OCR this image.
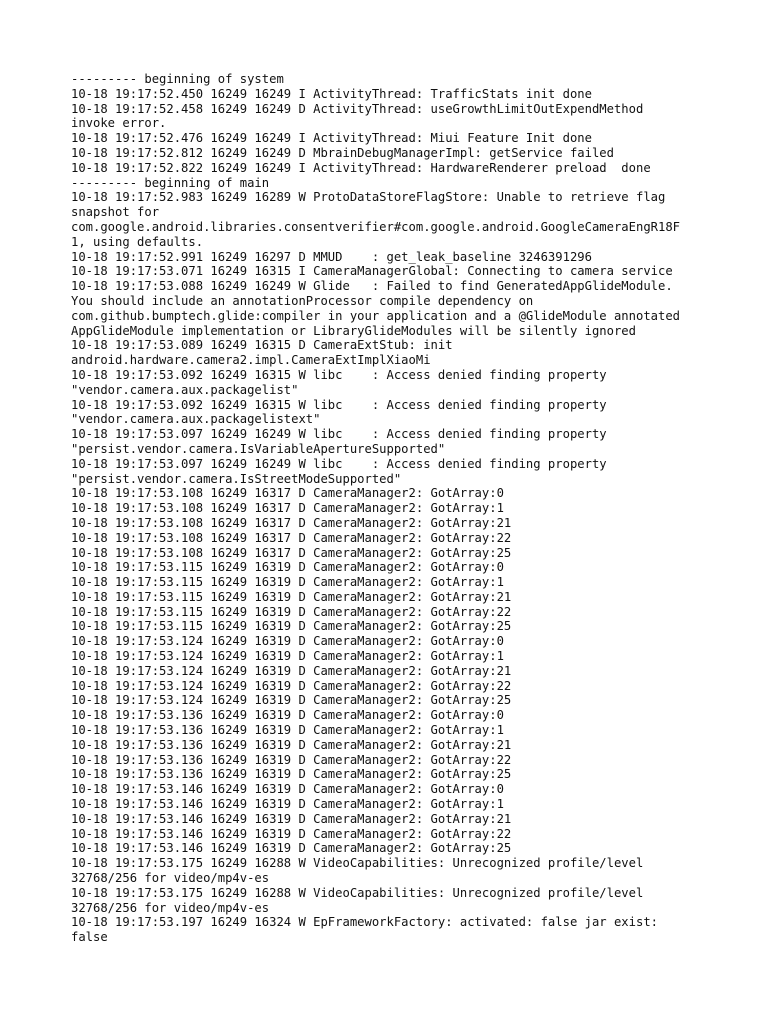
--------- beginning of system
10-18 19:17:52.450 16249 16249 I ActivityThread: TrafficStats init done
10-18 19:17:52.458 16249 16249 D ActivityThread: useGrowthLimitOutExpendMethod
invoke error.
10-18 19:17:52.476 16249 16249 I ActivityThread: Miui Feature Init done
10-18 19:17:52.812 16249 16249 D MbrainDebugManagerImpl: getService failed
10-18 19:17:52.822 16249 16249 I ActivityThread: HardwareRenderer preload  done
--------- beginning of main
10-18 19:17:52.983 16249 16289 W ProtoDataStoreFlagStore: Unable to retrieve flag
snapshot for
com.google.android.libraries.consentverifier#com.google.android.GoogleCameraEngR18F
1, using defaults.
10-18 19:17:52.991 16249 16297 D MMUD    : get_leak_baseline 3246391296
10-18 19:17:53.071 16249 16315 I CameraManagerGlobal: Connecting to camera service
10-18 19:17:53.088 16249 16249 W Glide   : Failed to find GeneratedAppGlideModule.
You should include an annotationProcessor compile dependency on
com.github.bumptech.glide:compiler in your application and a @GlideModule annotated
AppGlideModule implementation or LibraryGlideModules will be silently ignored
10-18 19:17:53.089 16249 16315 D CameraExtStub: init
android.hardware.camera2.impl.CameraExtImplXiaoMi
10-18 19:17:53.092 16249 16315 W libc    : Access denied finding property
"vendor.camera.aux.packagelist"
10-18 19:17:53.092 16249 16315 W libc    : Access denied finding property
"vendor.camera.aux.packagelistext"
10-18 19:17:53.097 16249 16249 W libc    : Access denied finding property
"persist.vendor.camera.IsVariableApertureSupported"
10-18 19:17:53.097 16249 16249 W libc    : Access denied finding property
"persist.vendor.camera.IsStreetModeSupported"
10-18 19:17:53.108 16249 16317 D CameraManager2: GotArray:0
10-18 19:17:53.108 16249 16317 D CameraManager2: GotArray:1
10-18 19:17:53.108 16249 16317 D CameraManager2: GotArray:21
10-18 19:17:53.108 16249 16317 D CameraManager2: GotArray:22
10-18 19:17:53.108 16249 16317 D CameraManager2: GotArray:25
10-18 19:17:53.115 16249 16319 D CameraManager2: GotArray:0
10-18 19:17:53.115 16249 16319 D CameraManager2: GotArray:1
10-18 19:17:53.115 16249 16319 D CameraManager2: GotArray:21
10-18 19:17:53.115 16249 16319 D CameraManager2: GotArray:22
10-18 19:17:53.115 16249 16319 D CameraManager2: GotArray:25
10-18 19:17:53.124 16249 16319 D CameraManager2: GotArray:0
10-18 19:17:53.124 16249 16319 D CameraManager2: GotArray:1
10-18 19:17:53.124 16249 16319 D CameraManager2: GotArray:21
10-18 19:17:53.124 16249 16319 D CameraManager2: GotArray:22
10-18 19:17:53.124 16249 16319 D CameraManager2: GotArray:25
10-18 19:17:53.136 16249 16319 D CameraManager2: GotArray:0
10-18 19:17:53.136 16249 16319 D CameraManager2: GotArray:1
10-18 19:17:53.136 16249 16319 D CameraManager2: GotArray:21
10-18 19:17:53.136 16249 16319 D CameraManager2: GotArray:22
10-18 19:17:53.136 16249 16319 D CameraManager2: GotArray:25
10-18 19:17:53.146 16249 16319 D CameraManager2: GotArray:0
10-18 19:17:53.146 16249 16319 D CameraManager2: GotArray:1
10-18 19:17:53.146 16249 16319 D CameraManager2: GotArray:21
10-18 19:17:53.146 16249 16319 D CameraManager2: GotArray:22
10-18 19:17:53.146 16249 16319 D CameraManager2: GotArray:25
10-18 19:17:53.175 16249 16288 W VideoCapabilities: Unrecognized profile/level
32768/256 for video/mp4v-es
10-18 19:17:53.175 16249 16288 W VideoCapabilities: Unrecognized profile/level
32768/256 for video/mp4v-es
10-18 19:17:53.197 16249 16324 W EpFrameworkFactory: activated: false jar exist:
false
